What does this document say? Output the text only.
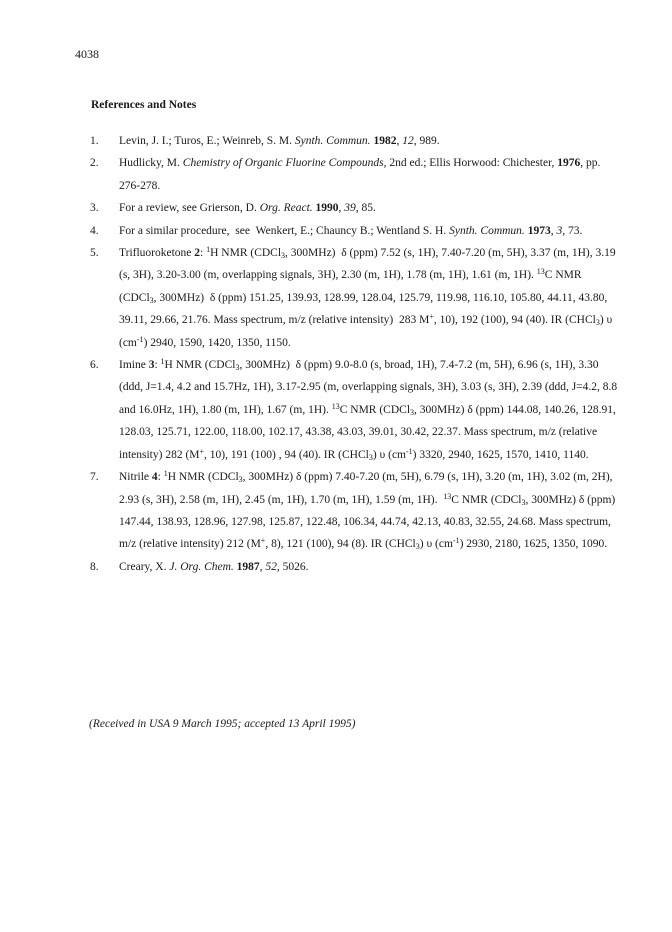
4038
References and Notes
1. Levin, J. I.; Turos, E.; Weinreb, S. M. Synth. Commun. 1982, 12, 989.
2. Hudlicky, M. Chemistry of Organic Fluorine Compounds, 2nd ed.; Ellis Horwood: Chichester, 1976, pp. 276-278.
3. For a review, see Grierson, D. Org. React. 1990, 39, 85.
4. For a similar procedure,  see  Wenkert, E.; Chauncy B.; Wentland S. H. Synth. Commun. 1973, 3, 73.
5. Trifluoroketone 2: $^1$H NMR (CDCl$_3$, 300MHz)  δ (ppm) 7.52 (s, 1H), 7.40-7.20 (m, 5H), 3.37 (m, 1H), 3.19 (s, 3H), 3.20-3.00 (m, overlapping signals, 3H), 2.30 (m, 1H), 1.78 (m, 1H), 1.61 (m, 1H). $^{13}$C NMR (CDCl$_3$, 300MHz)  δ (ppm) 151.25, 139.93, 128.99, 128.04, 125.79, 119.98, 116.10, 105.80, 44.11, 43.80, 39.11, 29.66, 21.76. Mass spectrum, m/z (relative intensity)  283 M+, 10), 192 (100), 94 (40). IR (CHCl$_3$) υ $(cm^{-1})$ 2940, 1590, 1420, 1350, 1150.
6. Imine 3: $^1$H NMR (CDCl$_3$, 300MHz)  δ (ppm) 9.0-8.0 (s, broad, 1H), 7.4-7.2 (m, 5H), 6.96 (s, 1H), 3.30 (ddd, J=1.4, 4.2 and 15.7Hz, 1H), 3.17-2.95 (m, overlapping signals, 3H), 3.03 (s, 3H), 2.39 (ddd, J=4.2, 8.8 and 16.0Hz, 1H), 1.80 (m, 1H), 1.67 (m, 1H). $^{13}$C NMR (CDCl$_3$, 300MHz) δ (ppm) 144.08, 140.26, 128.91, 128.03, 125.71, 122.00, 118.00, 102.17, 43.38, 43.03, 39.01, 30.42, 22.37. Mass spectrum, m/z (relative intensity) 282 (M+, 10), 191 (100) , 94 (40). IR (CHCl$_3$) υ $(cm^{-1})$ 3320, 2940, 1625, 1570, 1410, 1140.
7. Nitrile 4: $^1$H NMR (CDCl$_3$, 300MHz) δ (ppm) 7.40-7.20 (m, 5H), 6.79 (s, 1H), 3.20 (m, 1H), 3.02 (m, 2H), 2.93 (s, 3H), 2.58 (m, 1H), 2.45 (m, 1H), 1.70 (m, 1H), 1.59 (m, 1H).  $^{13}$C NMR (CDCl$_3$, 300MHz) δ (ppm) 147.44, 138.93, 128.96, 127.98, 125.87, 122.48, 106.34, 44.74, 42.13, 40.83, 32.55, 24.68. Mass spectrum, m/z (relative intensity) 212 (M+, 8), 121 (100), 94 (8). IR (CHCl$_3$) υ $(cm^{-1})$ 2930, 2180, 1625, 1350, 1090.
8. Creary, X. J. Org. Chem. 1987, 52, 5026.
(Received in USA 9 March 1995; accepted 13 April 1995)
